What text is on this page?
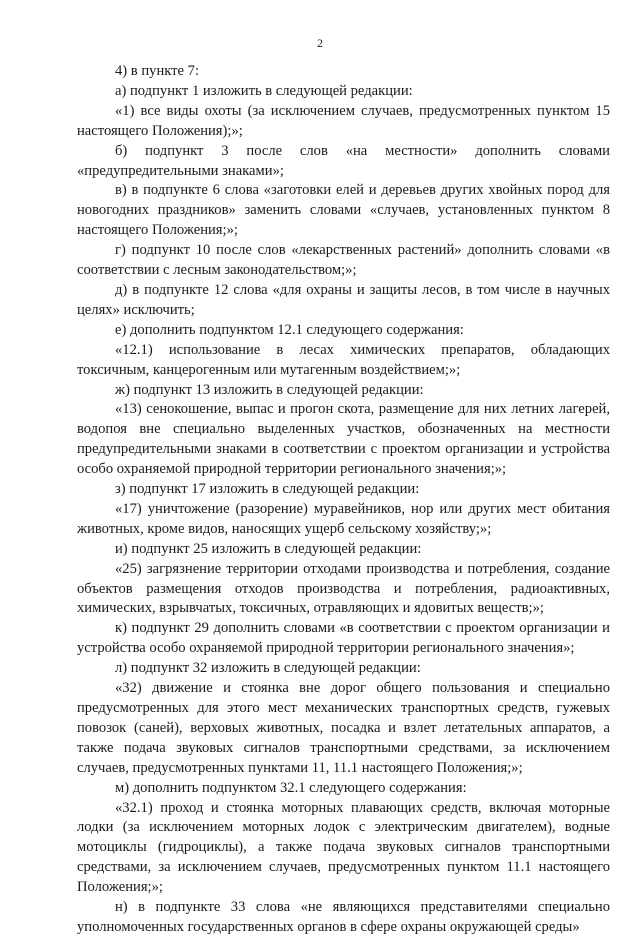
2

4) в пункте 7:

а) подпункт 1 изложить в следующей редакции:

«1) все виды охоты (за исключением случаев, предусмотренных пунктом 15 настоящего Положения);»;

б) подпункт 3 после слов «на местности» дополнить словами «предупредительными знаками»;

в) в подпункте 6 слова «заготовки елей и деревьев других хвойных пород для новогодних праздников» заменить словами «случаев, установленных пунктом 8 настоящего Положения;»;

г) подпункт 10 после слов «лекарственных растений» дополнить словами «в соответствии с лесным законодательством;»;

д) в подпункте 12 слова «для охраны и защиты лесов, в том числе в научных целях» исключить;

е) дополнить подпунктом 12.1 следующего содержания:

«12.1) использование в лесах химических препаратов, обладающих токсичным, канцерогенным или мутагенным воздействием;»;

ж) подпункт 13 изложить в следующей редакции:

«13) сенокошение, выпас и прогон скота, размещение для них летних лагерей, водопоя вне специально выделенных участков, обозначенных на местности предупредительными знаками в соответствии с проектом организации и устройства особо охраняемой природной территории регионального значения;»;

з) подпункт 17 изложить в следующей редакции:

«17) уничтожение (разорение) муравейников, нор или других мест обитания животных, кроме видов, наносящих ущерб сельскому хозяйству;»;

и) подпункт 25 изложить в следующей редакции:

«25) загрязнение территории отходами производства и потребления, создание объектов размещения отходов производства и потребления, радиоактивных, химических, взрывчатых, токсичных, отравляющих и ядовитых веществ;»;

к) подпункт 29 дополнить словами «в соответствии с проектом организации и устройства особо охраняемой природной территории регионального значения»;

л) подпункт 32 изложить в следующей редакции:

«32) движение и стоянка вне дорог общего пользования и специально предусмотренных для этого мест механических транспортных средств, гужевых повозок (саней), верховых животных, посадка и взлет летательных аппаратов, а также подача звуковых сигналов транспортными средствами, за исключением случаев, предусмотренных пунктами 11, 11.1 настоящего Положения;»;

м) дополнить подпунктом 32.1 следующего содержания:

«32.1) проход и стоянка моторных плавающих средств, включая моторные лодки (за исключением моторных лодок с электрическим двигателем), водные мотоциклы (гидроциклы), а также подача звуковых сигналов транспортными средствами, за исключением случаев, предусмотренных пунктом 11.1 настоящего Положения;»;

н) в подпункте 33 слова «не являющихся представителями специально уполномоченных государственных органов в сфере охраны окружающей среды»
